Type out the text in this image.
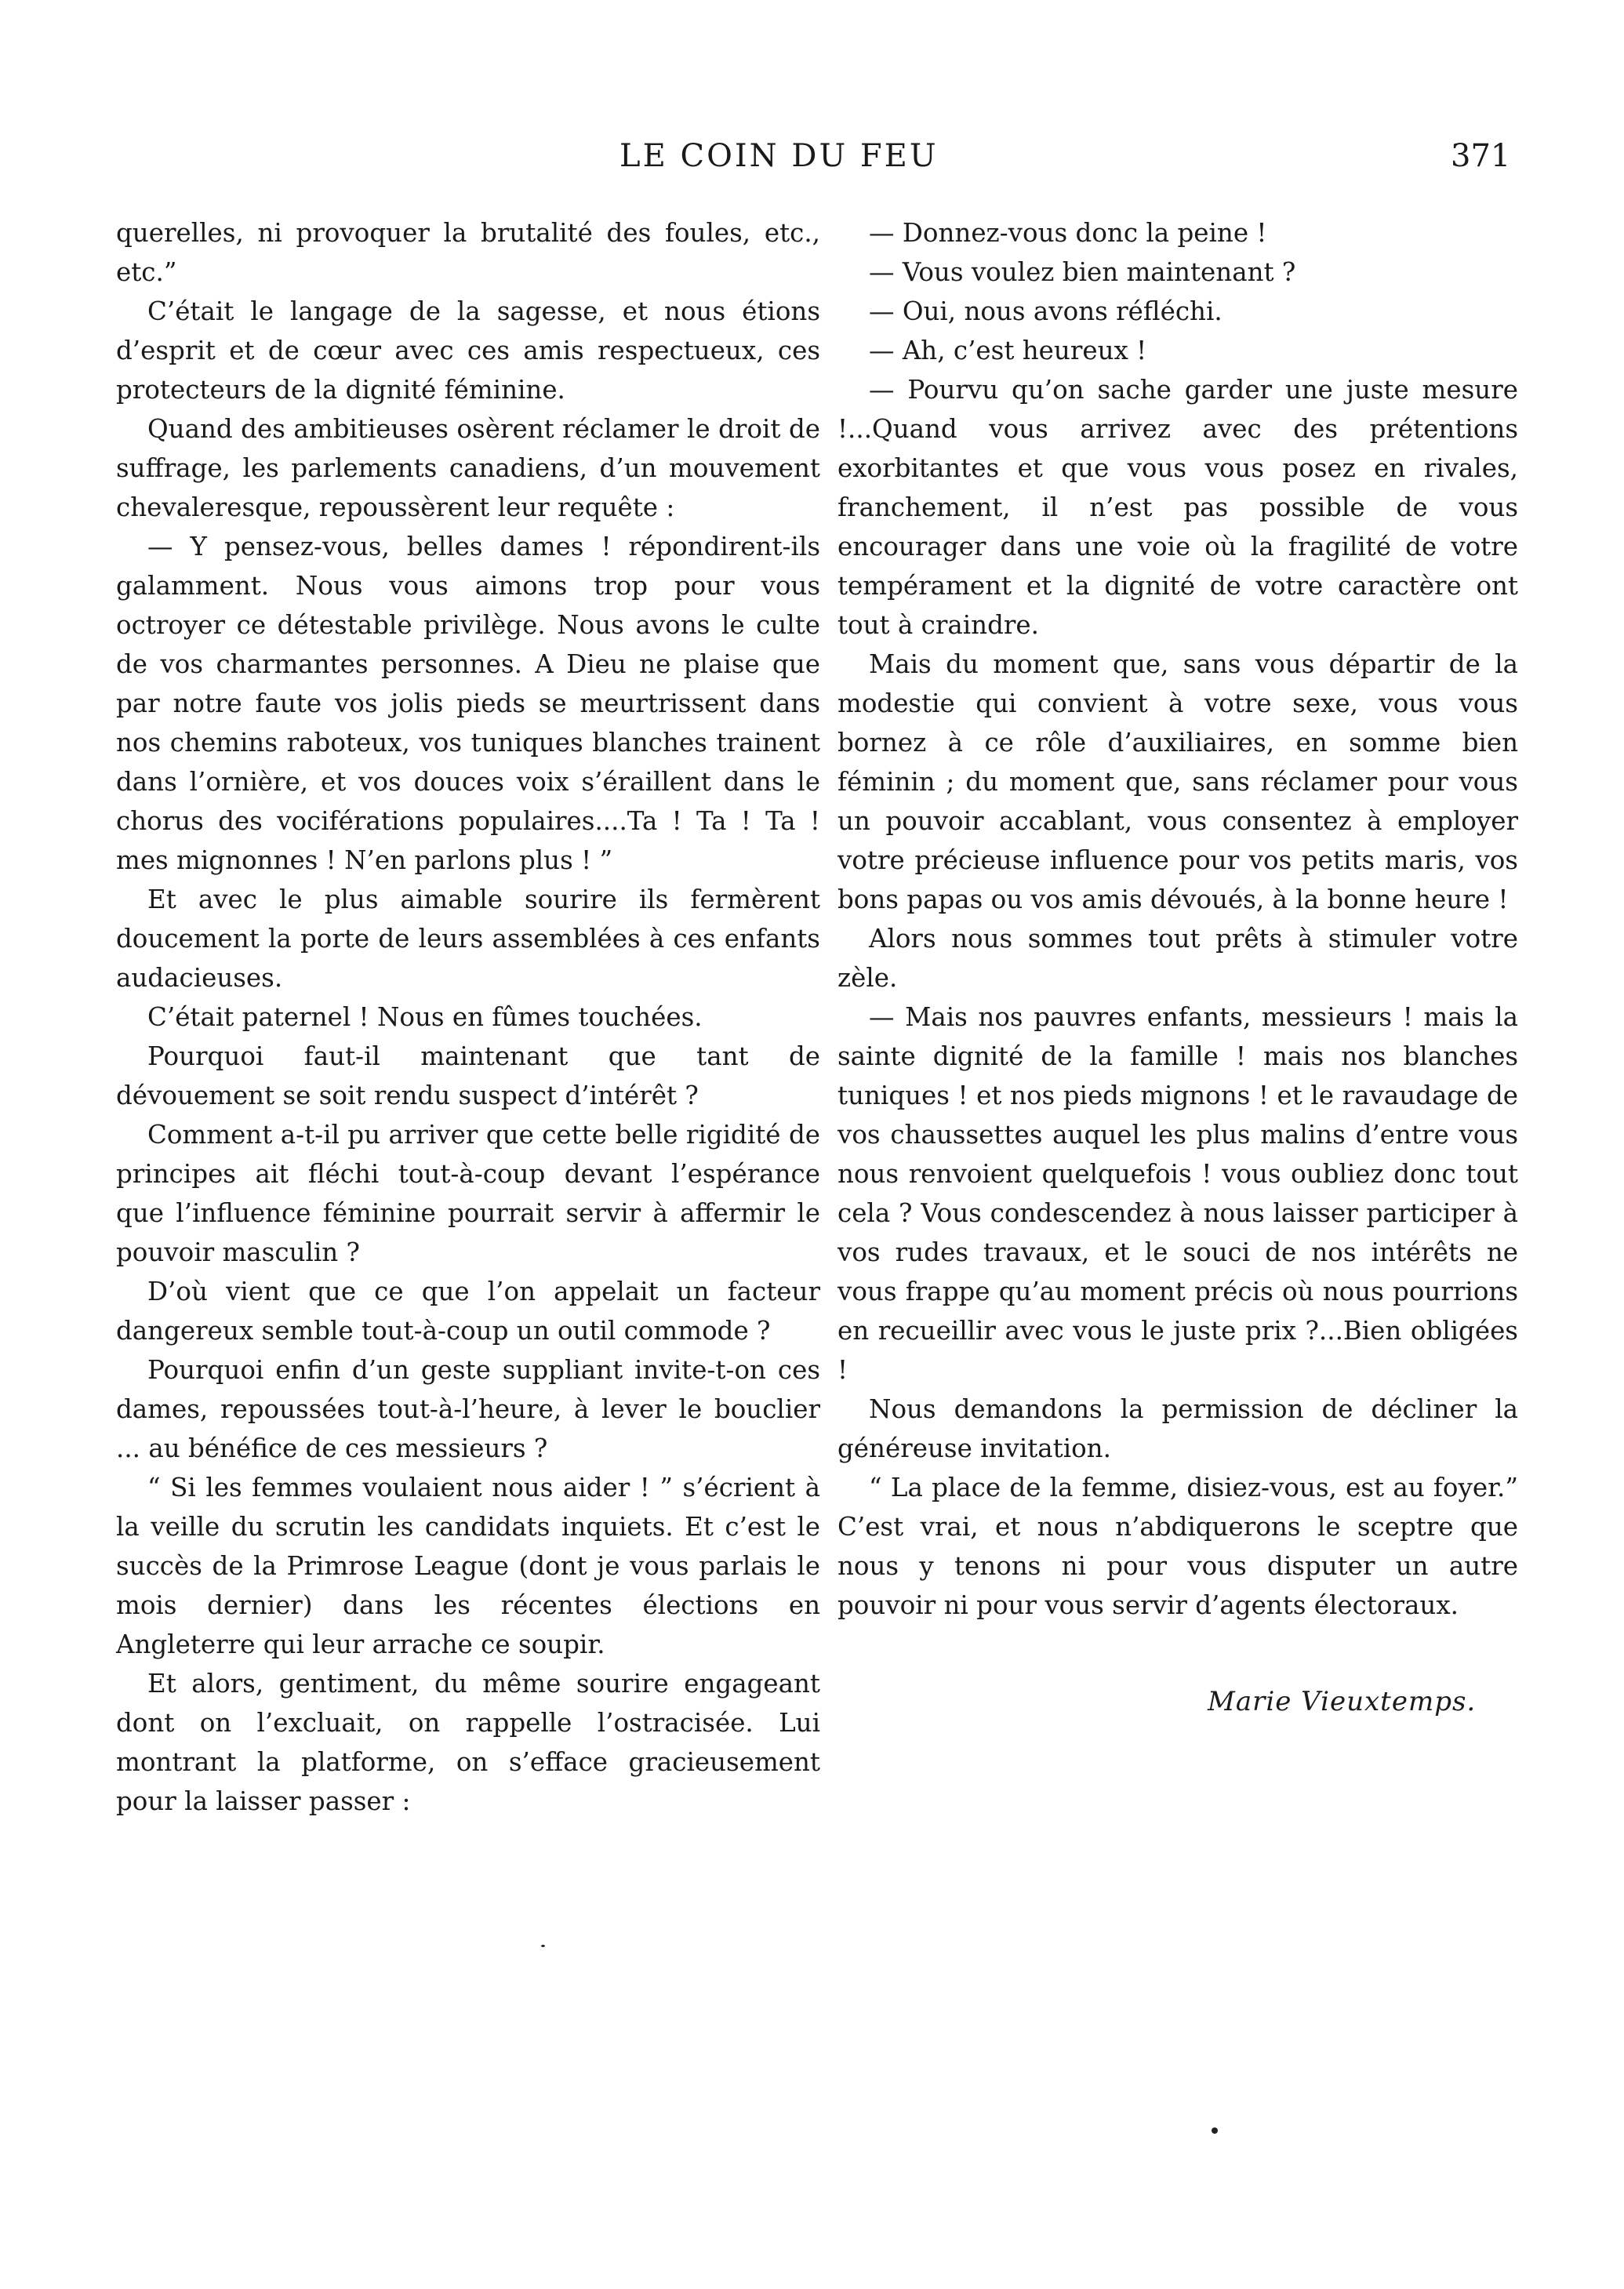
LE COIN DU FEU	371

querelles, ni provoquer la brutalité des foules, etc., etc.”

C’était le langage de la sagesse, et nous étions d’esprit et de cœur avec ces amis respectueux, ces protecteurs de la dignité féminine.

Quand des ambitieuses osèrent réclamer le droit de suffrage, les parlements canadiens, d’un mouvement chevaleresque, repoussèrent leur requête :

— Y pensez-vous, belles dames ! répondirent-ils galamment. Nous vous aimons trop pour vous octroyer ce détestable privilège. Nous avons le culte de vos charmantes personnes. A Dieu ne plaise que par notre faute vos jolis pieds se meurtrissent dans nos chemins raboteux, vos tuniques blanches trainent dans l’ornière, et vos douces voix s’éraillent dans le chorus des vociférations populaires....Ta ! Ta ! Ta ! mes mignonnes ! N’en parlons plus ! ”

Et avec le plus aimable sourire ils fermèrent doucement la porte de leurs assemblées à ces enfants audacieuses.

C’était paternel ! Nous en fûmes touchées.

Pourquoi faut-il maintenant que tant de dévouement se soit rendu suspect d’intérêt ?

Comment a-t-il pu arriver que cette belle rigidité de principes ait fléchi tout-à-coup devant l’espérance que l’influence féminine pourrait servir à affermir le pouvoir masculin ?

D’où vient que ce que l’on appelait un facteur dangereux semble tout-à-coup un outil commode ?

Pourquoi enfin d’un geste suppliant invite-t-on ces dames, repoussées tout-à-l’heure, à lever le bouclier ... au bénéfice de ces messieurs ?

“ Si les femmes voulaient nous aider ! ” s’écrient à la veille du scrutin les candidats inquiets. Et c’est le succès de la Primrose League (dont je vous parlais le mois dernier) dans les récentes élections en Angleterre qui leur arrache ce soupir.

Et alors, gentiment, du même sourire engageant dont on l’excluait, on rappelle l’ostracisée. Lui montrant la platforme, on s’efface gracieusement pour la laisser passer :

— Donnez-vous donc la peine !

— Vous voulez bien maintenant ?

— Oui, nous avons réfléchi.

— Ah, c’est heureux !

— Pourvu qu’on sache garder une juste mesure !...Quand vous arrivez avec des prétentions exorbitantes et que vous vous posez en rivales, franchement, il n’est pas possible de vous encourager dans une voie où la fragilité de votre tempérament et la dignité de votre caractère ont tout à craindre.

Mais du moment que, sans vous départir de la modestie qui convient à votre sexe, vous vous bornez à ce rôle d’auxiliaires, en somme bien féminin ; du moment que, sans réclamer pour vous un pouvoir accablant, vous consentez à employer votre précieuse influence pour vos petits maris, vos bons papas ou vos amis dévoués, à la bonne heure !

Alors nous sommes tout prêts à stimuler votre zèle.

— Mais nos pauvres enfants, messieurs ! mais la sainte dignité de la famille ! mais nos blanches tuniques ! et nos pieds mignons ! et le ravaudage de vos chaussettes auquel les plus malins d’entre vous nous renvoient quelquefois ! vous oubliez donc tout cela ? Vous condescendez à nous laisser participer à vos rudes travaux, et le souci de nos intérêts ne vous frappe qu’au moment précis où nous pourrions en recueillir avec vous le juste prix ?...Bien obligées !

Nous demandons la permission de décliner la généreuse invitation.

“ La place de la femme, disiez-vous, est au foyer.” C’est vrai, et nous n’abdiquerons le sceptre que nous y tenons ni pour vous disputer un autre pouvoir ni pour vous servir d’agents électoraux.

Marie Vieuxtemps.
